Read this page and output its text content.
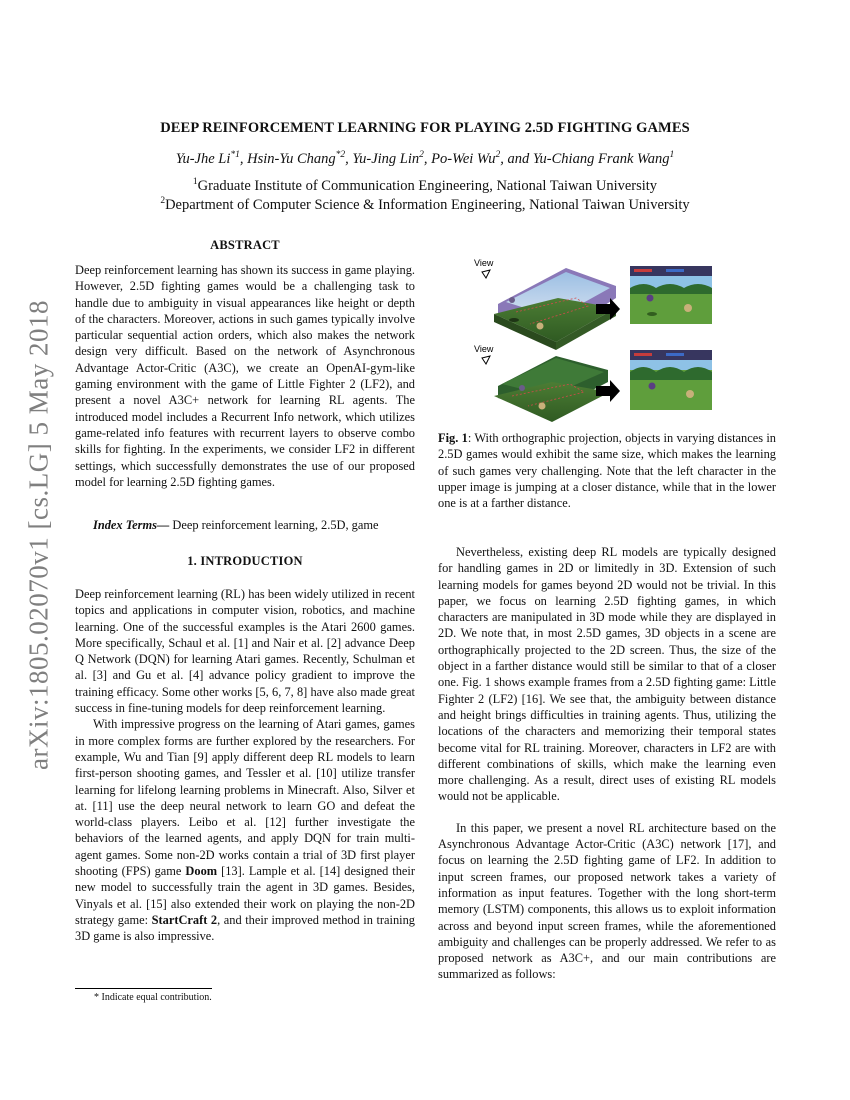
arXiv:1805.02070v1 [cs.LG] 5 May 2018
DEEP REINFORCEMENT LEARNING FOR PLAYING 2.5D FIGHTING GAMES
Yu-Jhe Li$^{*1}$, Hsin-Yu Chang$^{*2}$, Yu-Jing Lin$^2$, Po-Wei Wu$^2$, and Yu-Chiang Frank Wang$^1$
$^1$Graduate Institute of Communication Engineering, National Taiwan University
$^2$Department of Computer Science & Information Engineering, National Taiwan University
ABSTRACT

Deep reinforcement learning has shown its success in game playing. However, 2.5D fighting games would be a challenging task to handle due to ambiguity in visual appearances like height or depth of the characters. Moreover, actions in such games typically involve particular sequential action orders, which also makes the network design very difficult. Based on the network of Asynchronous Advantage Actor-Critic (A3C), we create an OpenAI-gym-like gaming environment with the game of Little Fighter 2 (LF2), and present a novel A3C+ network for learning RL agents. The introduced model includes a Recurrent Info network, which utilizes game-related info features with recurrent layers to observe combo skills for fighting. In the experiments, we consider LF2 in different settings, which successfully demonstrates the use of our proposed model for learning 2.5D fighting games.

Index Terms— Deep reinforcement learning, 2.5D, game

1. INTRODUCTION

Deep reinforcement learning (RL) has been widely utilized in recent topics and applications in computer vision, robotics, and machine learning. One of the successful examples is the Atari 2600 games. More specifically, Schaul et al. [1] and Nair et al. [2] advance Deep Q Network (DQN) for learning Atari games. Recently, Schulman et al. [3] and Gu et al. [4] advance policy gradient to improve the training efficacy. Some other works [5, 6, 7, 8] have also made great success in fine-tuning models for deep reinforcement learning.

With impressive progress on the learning of Atari games, games in more complex forms are further explored by the researchers. For example, Wu and Tian [9] apply different deep RL models to learn first-person shooting games, and Tessler et al. [10] utilize transfer learning for lifelong learning problems in Minecraft. Also, Silver et at. [11] use the deep neural network to learn GO and defeat the world-class players. Leibo et al. [12] further investigate the behaviors of the learned agents, and apply DQN for train multi-agent games. Some non-2D works contain a trial of 3D first player shooting (FPS) game Doom [13]. Lample et al. [14] designed their new model to successfully train the agent in 3D games. Besides, Vinyals et al. [15] also extended their work on playing the non-2D strategy game: StartCraft 2, and their improved method in training 3D game is also impressive.

* Indicate equal contribution.
View
View

Fig. 1: With orthographic projection, objects in varying distances in 2.5D games would exhibit the same size, which makes the learning of such games very challenging. Note that the left character in the upper image is jumping at a closer distance, while that in the lower one is at a farther distance.

Nevertheless, existing deep RL models are typically designed for handling games in 2D or limitedly in 3D. Extension of such learning models for games beyond 2D would not be trivial. In this paper, we focus on learning 2.5D fighting games, in which characters are manipulated in 3D mode while they are displayed in 2D. We note that, in most 2.5D games, 3D objects in a scene are orthographically projected to the 2D screen. Thus, the size of the object in a farther distance would still be similar to that of a closer one. Fig. 1 shows example frames from a 2.5D fighting game: Little Fighter 2 (LF2) [16]. We see that, the ambiguity between distance and height brings difficulties in training agents. Thus, utilizing the locations of the characters and memorizing their temporal states become vital for RL training. Moreover, characters in LF2 are with different combinations of skills, which make the learning even more challenging. As a result, direct uses of existing RL models would not be applicable.

In this paper, we present a novel RL architecture based on the Asynchronous Advantage Actor-Critic (A3C) network [17], and focus on learning the 2.5D fighting game of LF2. In addition to input screen frames, our proposed network takes a variety of information as input features. Together with the long short-term memory (LSTM) components, this allows us to exploit information across and beyond input screen frames, while the aforementioned ambiguity and challenges can be properly addressed. We refer to as proposed network as A3C+, and our main contributions are summarized as follows:
